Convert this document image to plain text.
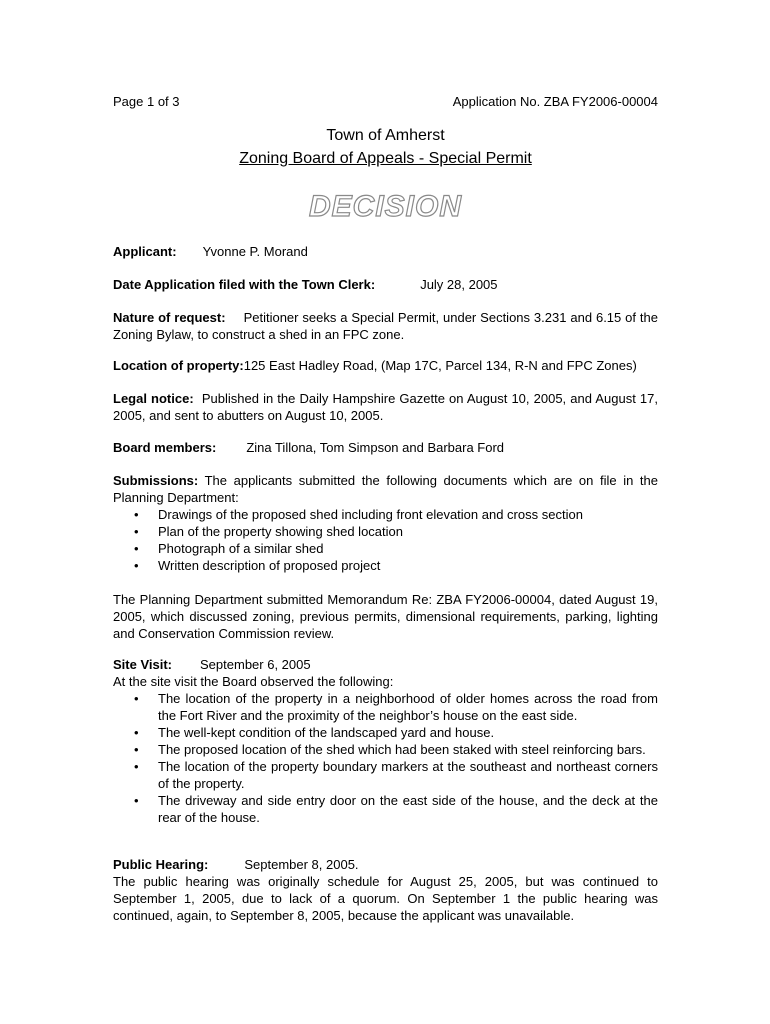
Page 1 of 3	Application No. ZBA FY2006-00004
Town of Amherst
Zoning Board of Appeals - Special Permit
DECISION
Applicant: Yvonne P. Morand
Date Application filed with the Town Clerk:	July 28, 2005
Nature of request: Petitioner seeks a Special Permit, under Sections 3.231 and 6.15 of the Zoning Bylaw, to construct a shed in an FPC zone.
Location of property:125 East Hadley Road, (Map 17C, Parcel 134, R-N and FPC Zones)
Legal notice: Published in the Daily Hampshire Gazette on August 10, 2005, and August 17, 2005, and sent to abutters on August 10, 2005.
Board members: Zina Tillona, Tom Simpson and Barbara Ford
Submissions: The applicants submitted the following documents which are on file in the Planning Department:
• Drawings of the proposed shed including front elevation and cross section
• Plan of the property showing shed location
• Photograph of a similar shed
• Written description of proposed project
The Planning Department submitted Memorandum Re: ZBA FY2006-00004, dated August 19, 2005, which discussed zoning, previous permits, dimensional requirements, parking, lighting and Conservation Commission review.
Site Visit: September 6, 2005
At the site visit the Board observed the following:
• The location of the property in a neighborhood of older homes across the road from the Fort River and the proximity of the neighbor’s house on the east side.
• The well-kept condition of the landscaped yard and house.
• The proposed location of the shed which had been staked with steel reinforcing bars.
• The location of the property boundary markers at the southeast and northeast corners of the property.
• The driveway and side entry door on the east side of the house, and the deck at the rear of the house.
Public Hearing:	September 8, 2005.
The public hearing was originally schedule for August 25, 2005, but was continued to September 1, 2005, due to lack of a quorum. On September 1 the public hearing was continued, again, to September 8, 2005, because the applicant was unavailable.
